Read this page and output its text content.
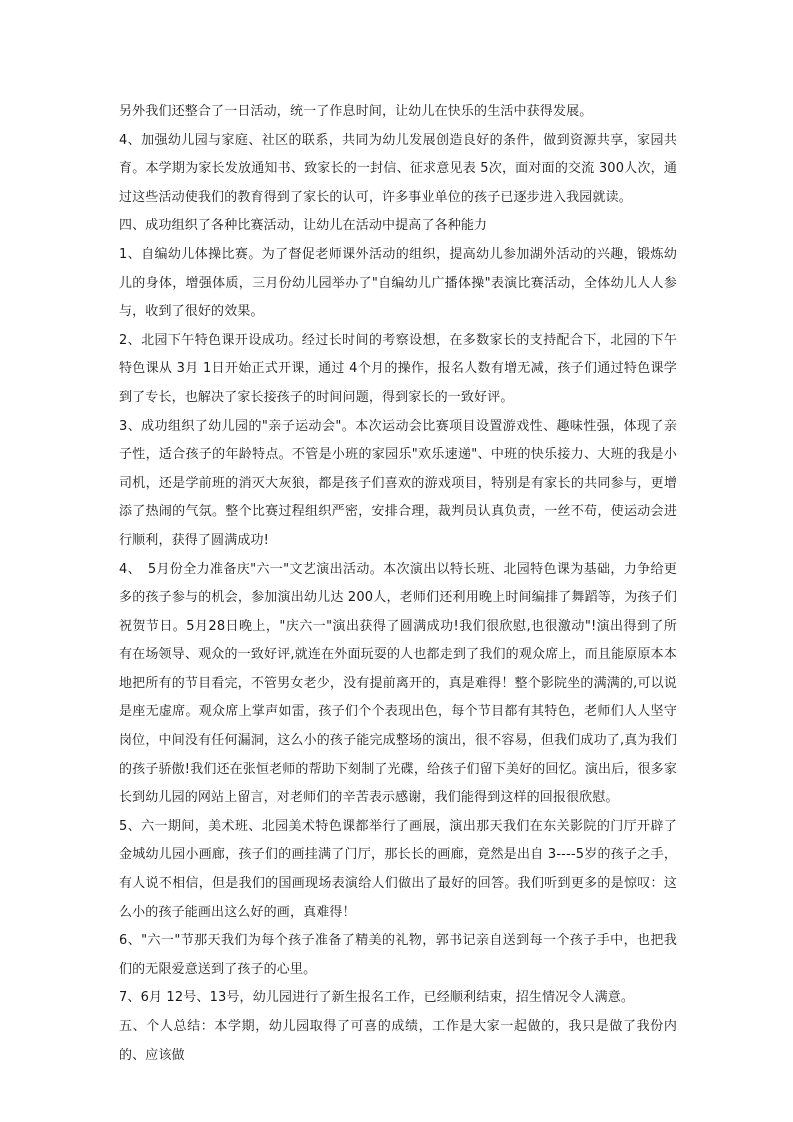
另外我们还整合了一日活动，统一了作息时间，让幼儿在快乐的生活中获得发展。

4、加强幼儿园与家庭、社区的联系，共同为幼儿发展创造良好的条件，做到资源共享，家园共育。本学期为家长发放通知书、致家长的一封信、征求意见表 5次，面对面的交流 300人次，通过这些活动使我们的教育得到了家长的认可，许多事业单位的孩子已逐步进入我园就读。

四、成功组织了各种比赛活动，让幼儿在活动中提高了各种能力

1、自编幼儿体操比赛。为了督促老师课外活动的组织，提高幼儿参加湖外活动的兴趣，锻炼幼儿的身体，增强体质，三月份幼儿园举办了"自编幼儿广播体操"表演比赛活动，全体幼儿人人参与，收到了很好的效果。

2、北园下午特色课开设成功。经过长时间的考察设想，在多数家长的支持配合下，北园的下午特色课从 3月 1日开始正式开课，通过 4个月的操作，报名人数有增无减，孩子们通过特色课学到了专长，也解决了家长接孩子的时间问题，得到家长的一致好评。

3、成功组织了幼儿园的"亲子运动会"。本次运动会比赛项目设置游戏性、趣味性强，体现了亲子性，适合孩子的年龄特点。不管是小班的家园乐"欢乐速递"、中班的快乐接力、大班的我是小司机，还是学前班的消灭大灰狼，都是孩子们喜欢的游戏项目，特别是有家长的共同参与，更增添了热闹的气氛。整个比赛过程组织严密，安排合理，裁判员认真负责，一丝不苟，使运动会进行顺利，获得了圆满成功!

4、　5月份全力准备庆"六一"文艺演出活动。本次演出以特长班、北园特色课为基础，力争给更多的孩子参与的机会，参加演出幼儿达 200人，老师们还利用晚上时间编排了舞蹈等，为孩子们祝贺节日。5月28日晚上，"庆六一"演出获得了圆满成功!我们很欣慰,也很激动"!演出得到了所有在场领导、观众的一致好评,就连在外面玩耍的人也都走到了我们的观众席上，而且能原原本本地把所有的节目看完，不管男女老少，没有提前离开的，真是难得！整个影院坐的满满的,可以说是座无虚席。观众席上掌声如雷，孩子们个个表现出色，每个节目都有其特色，老师们人人坚守岗位，中间没有任何漏洞，这么小的孩子能完成整场的演出，很不容易，但我们成功了,真为我们的孩子骄傲!我们还在张恒老师的帮助下刻制了光碟，给孩子们留下美好的回忆。演出后，很多家长到幼儿园的网站上留言，对老师们的辛苦表示感谢，我们能得到这样的回报很欣慰。

5、六一期间，美术班、北园美术特色课都举行了画展，演出那天我们在东关影院的门厅开辟了金城幼儿园小画廊，孩子们的画挂满了门厅，那长长的画廊，竟然是出自 3----5岁的孩子之手，有人说不相信，但是我们的国画现场表演给人们做出了最好的回答。我们听到更多的是惊叹：这么小的孩子能画出这么好的画，真难得！

6、"六一"节那天我们为每个孩子准备了精美的礼物，郭书记亲自送到每一个孩子手中，也把我们的无限爱意送到了孩子的心里。

7、6月 12号、13号，幼儿园进行了新生报名工作，已经顺利结束，招生情况令人满意。

五、个人总结：本学期，幼儿园取得了可喜的成绩，工作是大家一起做的，我只是做了我份内的、应该做
